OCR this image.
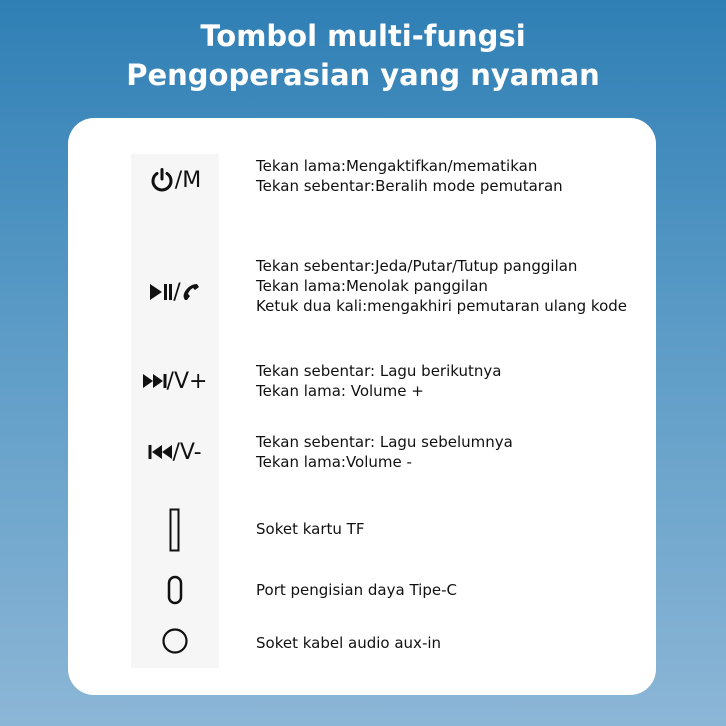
Tombol multi-fungsi
Pengoperasian yang nyaman
/M
Tekan lama:Mengaktifkan/mematikan
Tekan sebentar:Beralih mode pemutaran
/
Tekan sebentar:Jeda/Putar/Tutup panggilan
Tekan lama:Menolak panggilan
Ketuk dua kali:mengakhiri pemutaran ulang kode
/V+	Tekan sebentar: Lagu berikutnya
Tekan lama: Volume +
/V-	Tekan sebentar: Lagu sebelumnya
Tekan lama:Volume -
Soket kartu TF
Port pengisian daya Tipe-C
Soket kabel audio aux-in
